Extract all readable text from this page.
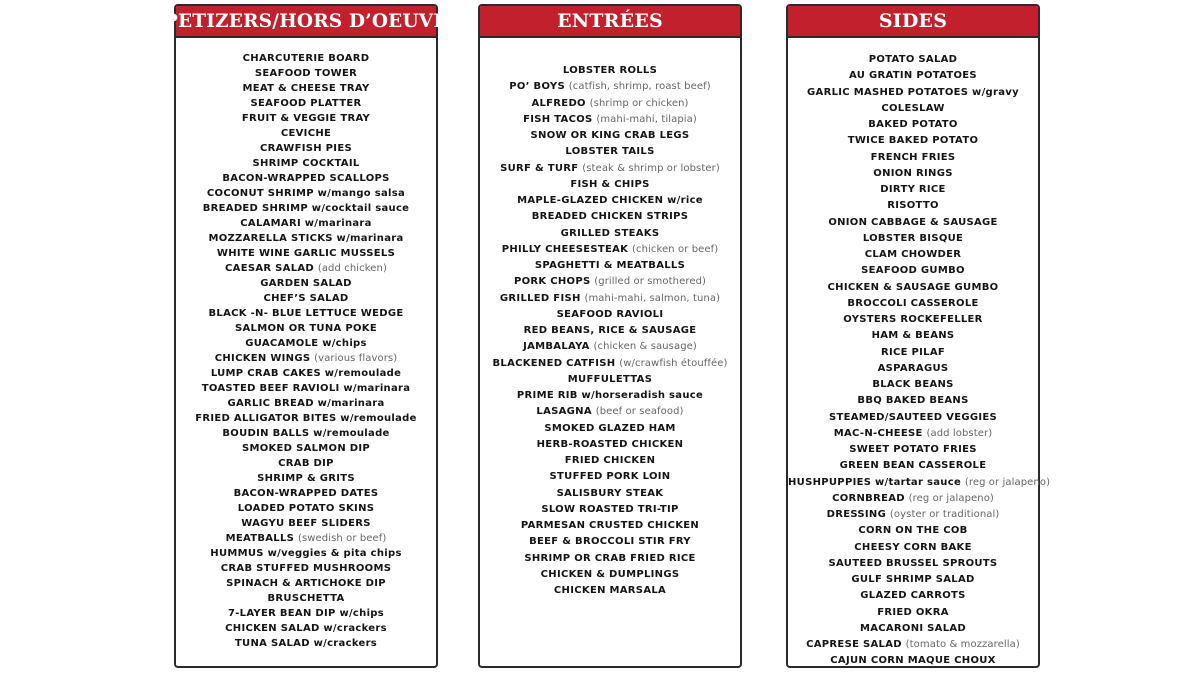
APPETIZERS/HORS D’OEUVRES
CHARCUTERIE BOARD
SEAFOOD TOWER
MEAT & CHEESE TRAY
SEAFOOD PLATTER
FRUIT & VEGGIE TRAY
CEVICHE
CRAWFISH PIES
SHRIMP COCKTAIL
BACON-WRAPPED SCALLOPS
COCONUT SHRIMP w/mango salsa
BREADED SHRIMP w/cocktail sauce
CALAMARI w/marinara
MOZZARELLA STICKS w/marinara
WHITE WINE GARLIC MUSSELS
CAESAR SALAD (add chicken)
GARDEN SALAD
CHEF’S SALAD
BLACK -N- BLUE LETTUCE WEDGE
SALMON OR TUNA POKE
GUACAMOLE w/chips
CHICKEN WINGS (various flavors)
LUMP CRAB CAKES w/remoulade
TOASTED BEEF RAVIOLI w/marinara
GARLIC BREAD w/marinara
FRIED ALLIGATOR BITES w/remoulade
BOUDIN BALLS w/remoulade
SMOKED SALMON DIP
CRAB DIP
SHRIMP & GRITS
BACON-WRAPPED DATES
LOADED POTATO SKINS
WAGYU BEEF SLIDERS
MEATBALLS (swedish or beef)
HUMMUS w/veggies & pita chips
CRAB STUFFED MUSHROOMS
SPINACH & ARTICHOKE DIP
BRUSCHETTA
7-LAYER BEAN DIP w/chips
CHICKEN SALAD w/crackers
TUNA SALAD w/crackers
ENTRÉES
LOBSTER ROLLS
PO’ BOYS (catfish, shrimp, roast beef)
ALFREDO (shrimp or chicken)
FISH TACOS (mahi-mahi, tilapia)
SNOW OR KING CRAB LEGS
LOBSTER TAILS
SURF & TURF (steak & shrimp or lobster)
FISH & CHIPS
MAPLE-GLAZED CHICKEN w/rice
BREADED CHICKEN STRIPS
GRILLED STEAKS
PHILLY CHEESESTEAK (chicken or beef)
SPAGHETTI & MEATBALLS
PORK CHOPS (grilled or smothered)
GRILLED FISH (mahi-mahi, salmon, tuna)
SEAFOOD RAVIOLI
RED BEANS, RICE & SAUSAGE
JAMBALAYA (chicken & sausage)
BLACKENED CATFISH (w/crawfish étouffée)
MUFFULETTAS
PRIME RIB w/horseradish sauce
LASAGNA (beef or seafood)
SMOKED GLAZED HAM
HERB-ROASTED CHICKEN
FRIED CHICKEN
STUFFED PORK LOIN
SALISBURY STEAK
SLOW ROASTED TRI-TIP
PARMESAN CRUSTED CHICKEN
BEEF & BROCCOLI STIR FRY
SHRIMP OR CRAB FRIED RICE
CHICKEN & DUMPLINGS
CHICKEN MARSALA
SIDES
POTATO SALAD
AU GRATIN POTATOES
GARLIC MASHED POTATOES w/gravy
COLESLAW
BAKED POTATO
TWICE BAKED POTATO
FRENCH FRIES
ONION RINGS
DIRTY RICE
RISOTTO
ONION CABBAGE & SAUSAGE
LOBSTER BISQUE
CLAM CHOWDER
SEAFOOD GUMBO
CHICKEN & SAUSAGE GUMBO
BROCCOLI CASSEROLE
OYSTERS ROCKEFELLER
HAM & BEANS
RICE PILAF
ASPARAGUS
BLACK BEANS
BBQ BAKED BEANS
STEAMED/SAUTEED VEGGIES
MAC-N-CHEESE (add lobster)
SWEET POTATO FRIES
GREEN BEAN CASSEROLE
HUSHPUPPIES w/tartar sauce (reg or jalapeno)
CORNBREAD (reg or jalapeno)
DRESSING (oyster or traditional)
CORN ON THE COB
CHEESY CORN BAKE
SAUTEED BRUSSEL SPROUTS
GULF SHRIMP SALAD
GLAZED CARROTS
FRIED OKRA
MACARONI SALAD
CAPRESE SALAD (tomato & mozzarella)
CAJUN CORN MAQUE CHOUX
